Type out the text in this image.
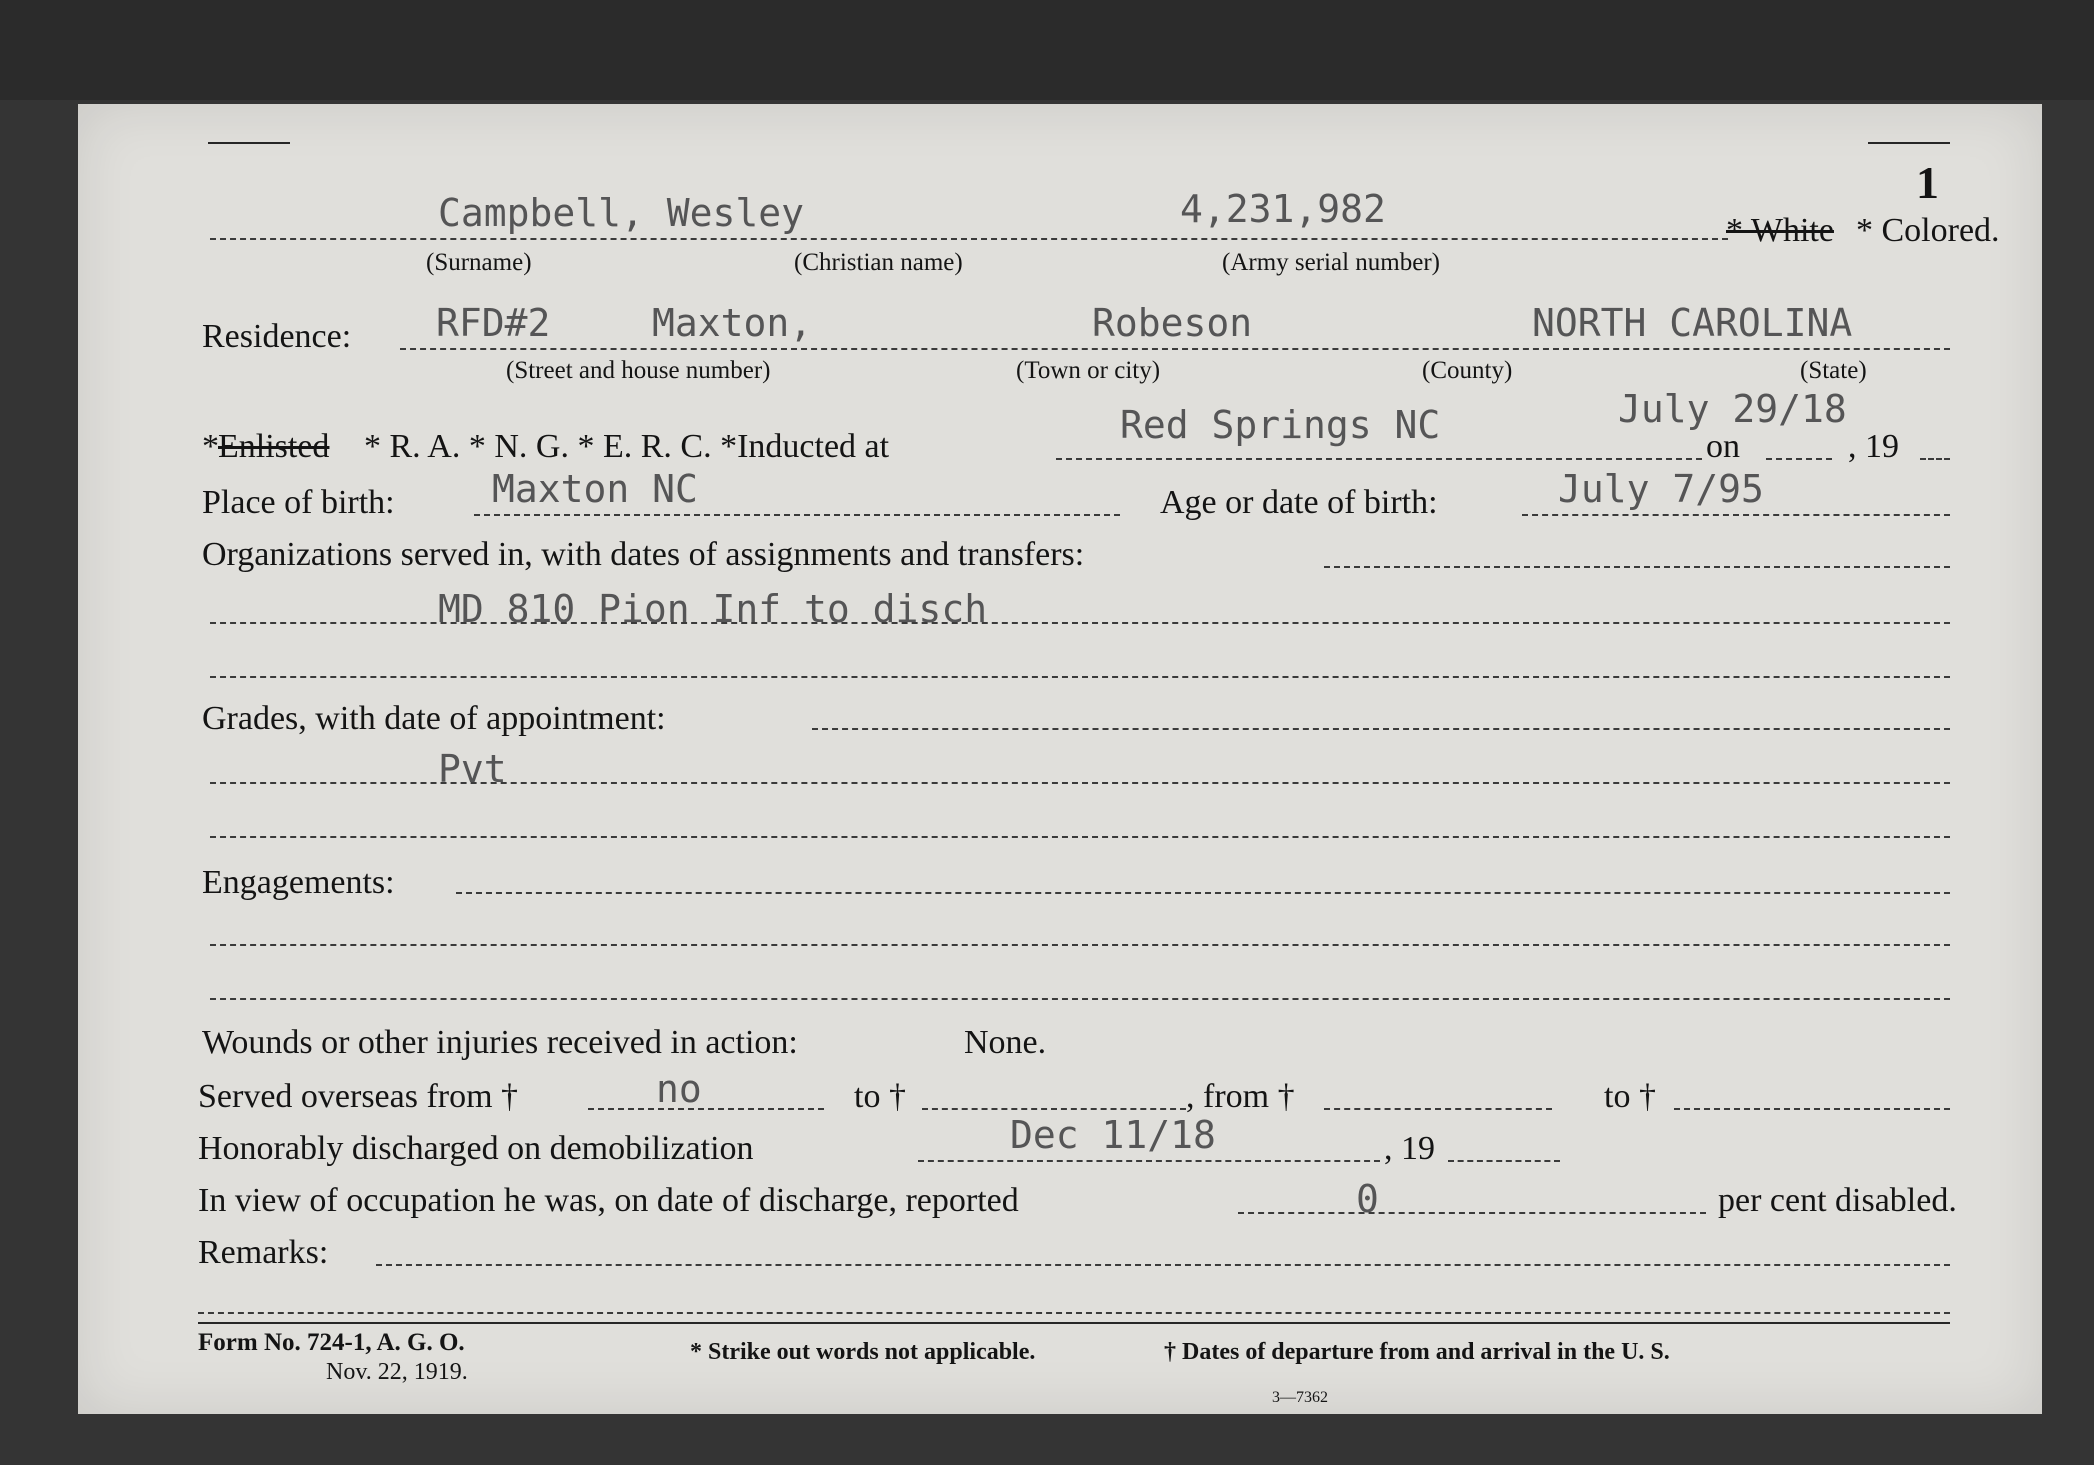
1
Campbell, Wesley	4,231,982	* White * Colored.
(Surname)	(Christian name)	(Army serial number)
Residence: RFD#2	Maxton,	Robeson	NORTH CAROLINA
(Street and house number)	(Town or city)	(County)	(State)
* Enlisted * R. A. * N. G. * E. R. C. *Inducted at	Red Springs NC	July 29/18
on	, 19
Place of birth:	Maxton NC	Age or date of birth:	July 7/95
Organizations served in, with dates of assignments and transfers:
MD 810 Pion Inf to disch
Grades, with date of appointment:
Pvt
Engagements:
Wounds or other injuries received in action:	None.
Served overseas from †	no	to †	, from †	to †
Honorably discharged on demobilization	Dec 11/18	, 19
In view of occupation he was, on date of discharge, reported	0	per cent disabled.
Remarks:
Form No. 724-1, A. G. O.
Nov. 22, 1919.
* Strike out words not applicable.	† Dates of departure from and arrival in the U. S.
3—7362
